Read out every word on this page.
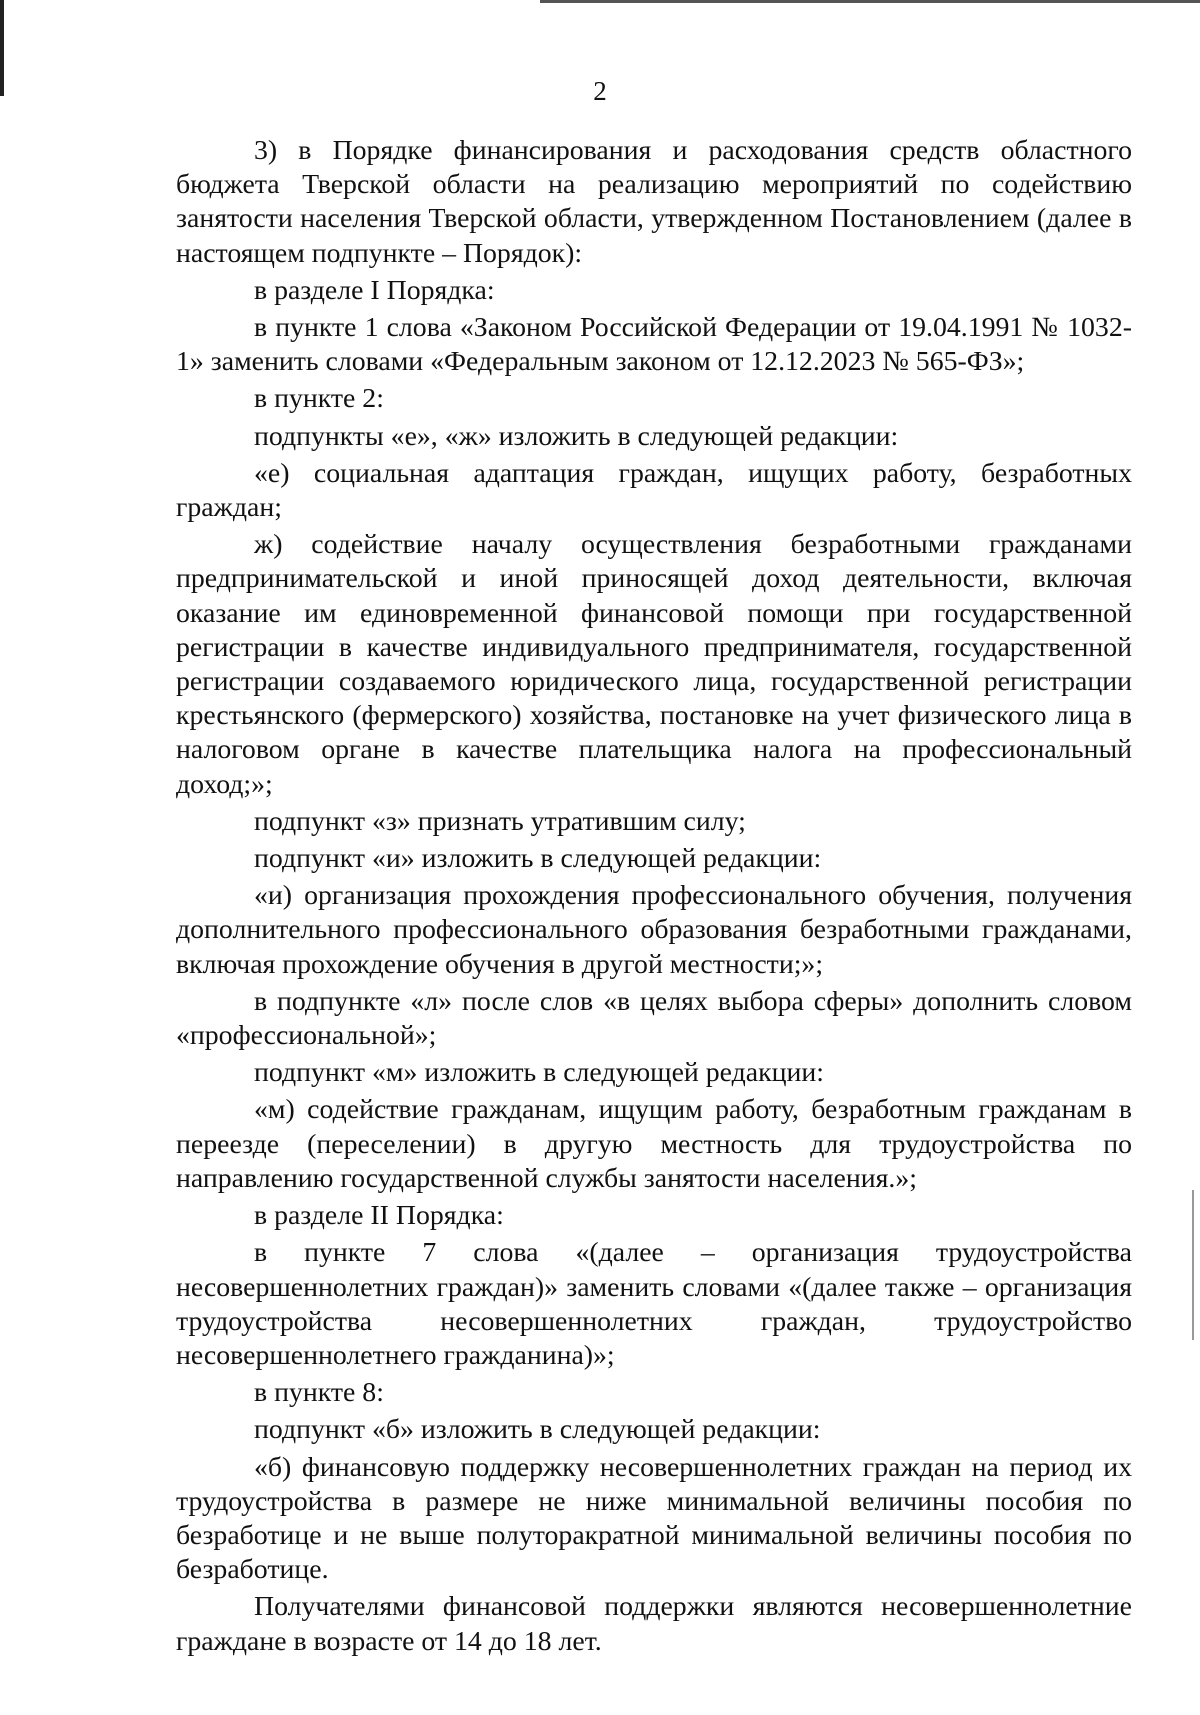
2

3) в Порядке финансирования и расходования средств областного бюджета Тверской области на реализацию мероприятий по содействию занятости населения Тверской области, утвержденном Постановлением (далее в настоящем подпункте – Порядок):

в разделе I Порядка:

в пункте 1 слова «Законом Российской Федерации от 19.04.1991 № 1032-1» заменить словами «Федеральным законом от 12.12.2023 № 565-ФЗ»;

в пункте 2:

подпункты «е», «ж» изложить в следующей редакции:

«е) социальная адаптация граждан, ищущих работу, безработных граждан;

ж) содействие началу осуществления безработными гражданами предпринимательской и иной приносящей доход деятельности, включая оказание им единовременной финансовой помощи при государственной регистрации в качестве индивидуального предпринимателя, государственной регистрации создаваемого юридического лица, государственной регистрации крестьянского (фермерского) хозяйства, постановке на учет физического лица в налоговом органе в качестве плательщика налога на профессиональный доход;»;

подпункт «з» признать утратившим силу;

подпункт «и» изложить в следующей редакции:

«и) организация прохождения профессионального обучения, получения дополнительного профессионального образования безработными гражданами, включая прохождение обучения в другой местности;»;

в подпункте «л» после слов «в целях выбора сферы» дополнить словом «профессиональной»;

подпункт «м» изложить в следующей редакции:

«м) содействие гражданам, ищущим работу, безработным гражданам в переезде (переселении) в другую местность для трудоустройства по направлению государственной службы занятости населения.»;

в разделе II Порядка:

в пункте 7 слова «(далее – организация трудоустройства несовершеннолетних граждан)» заменить словами «(далее также – организация трудоустройства несовершеннолетних граждан, трудоустройство несовершеннолетнего гражданина)»;

в пункте 8:

подпункт «б» изложить в следующей редакции:

«б) финансовую поддержку несовершеннолетних граждан на период их трудоустройства в размере не ниже минимальной величины пособия по безработице и не выше полуторакратной минимальной величины пособия по безработице.

Получателями финансовой поддержки являются несовершеннолетние граждане в возрасте от 14 до 18 лет.
